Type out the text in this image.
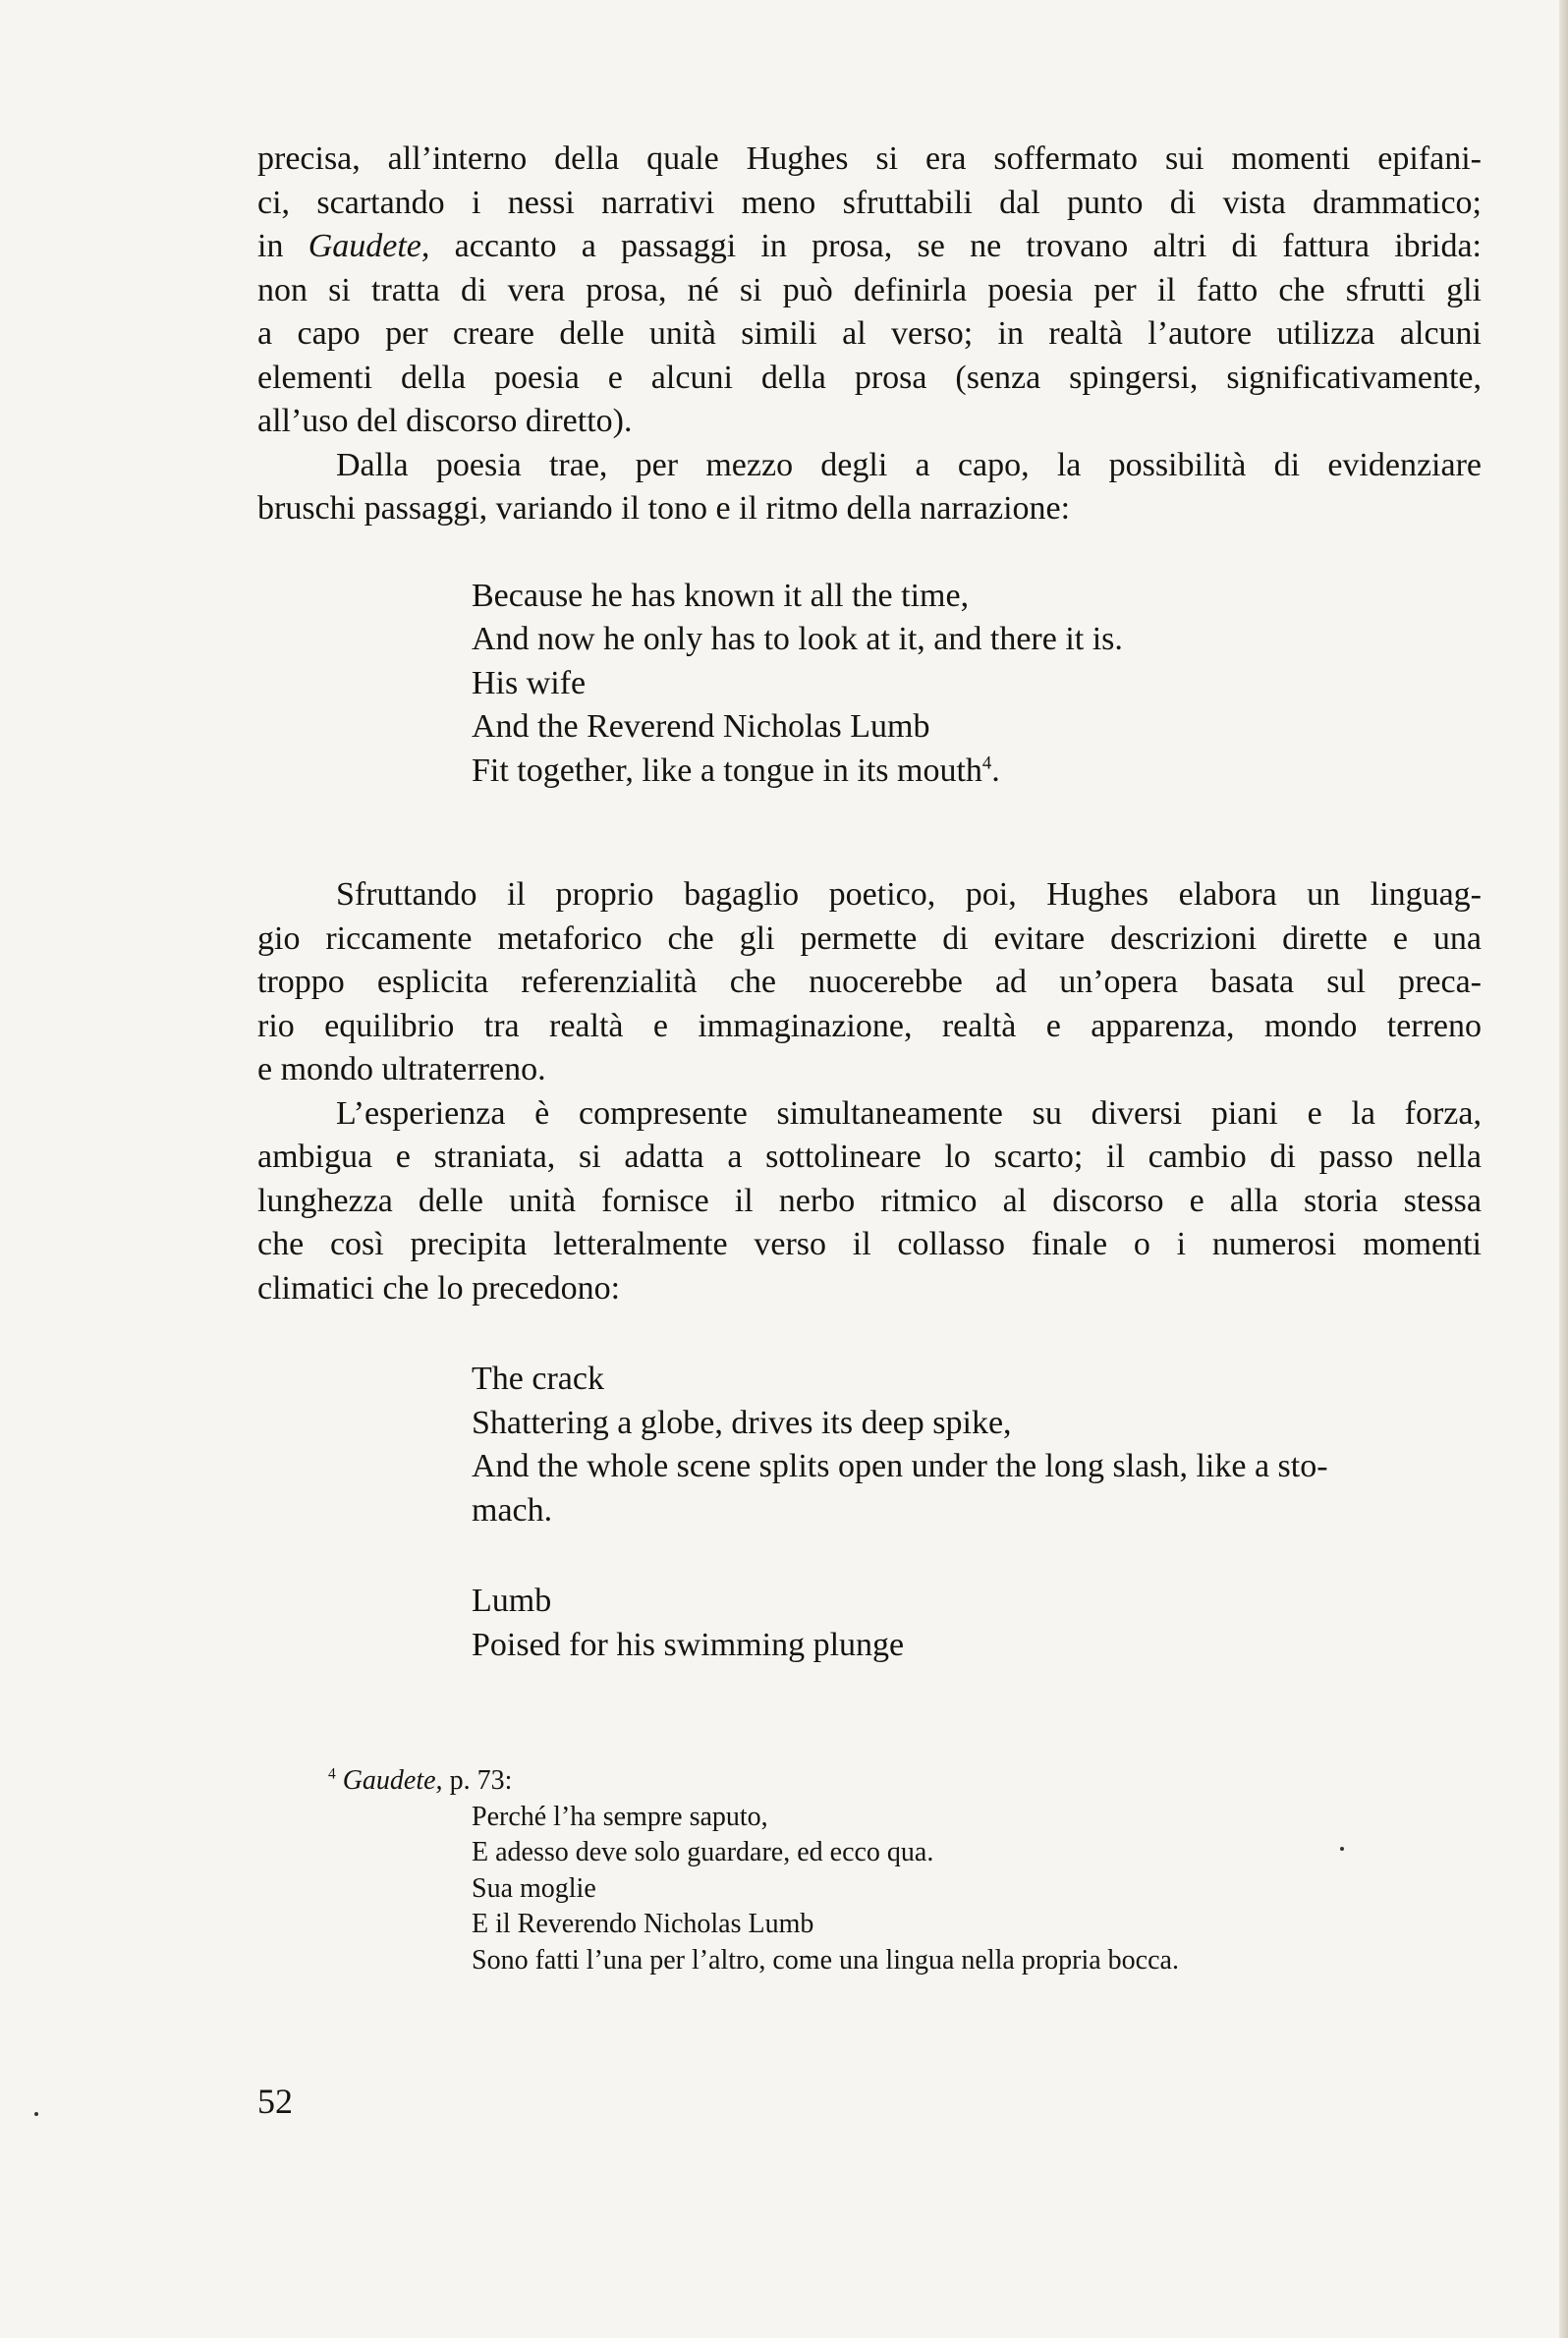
precisa, all’interno della quale Hughes si era soffermato sui momenti epifani-
ci, scartando i nessi narrativi meno sfruttabili dal punto di vista drammatico;
in Gaudete, accanto a passaggi in prosa, se ne trovano altri di fattura ibrida:
non si tratta di vera prosa, né si può definirla poesia per il fatto che sfrutti gli
a capo per creare delle unità simili al verso; in realtà l’autore utilizza alcuni
elementi della poesia e alcuni della prosa (senza spingersi, significativamente,
all’uso del discorso diretto).
Dalla poesia trae, per mezzo degli a capo, la possibilità di evidenziare
bruschi passaggi, variando il tono e il ritmo della narrazione:
Because he has known it all the time,
And now he only has to look at it, and there it is.
His wife
And the Reverend Nicholas Lumb
Fit together, like a tongue in its mouth$^4$.
Sfruttando il proprio bagaglio poetico, poi, Hughes elabora un linguag-
gio riccamente metaforico che gli permette di evitare descrizioni dirette e una
troppo esplicita referenzialità che nuocerebbe ad un’opera basata sul preca-
rio equilibrio tra realtà e immaginazione, realtà e apparenza, mondo terreno
e mondo ultraterreno.
L’esperienza è compresente simultaneamente su diversi piani e la forza,
ambigua e straniata, si adatta a sottolineare lo scarto; il cambio di passo nella
lunghezza delle unità fornisce il nerbo ritmico al discorso e alla storia stessa
che così precipita letteralmente verso il collasso finale o i numerosi momenti
climatici che lo precedono:
The crack
Shattering a globe, drives its deep spike,
And the whole scene splits open under the long slash, like a sto-
mach.
Lumb
Poised for his swimming plunge
$^4$ Gaudete, p. 73:
Perché l’ha sempre saputo,
E adesso deve solo guardare, ed ecco qua.
Sua moglie
E il Reverendo Nicholas Lumb
Sono fatti l’una per l’altro, come una lingua nella propria bocca.
52
